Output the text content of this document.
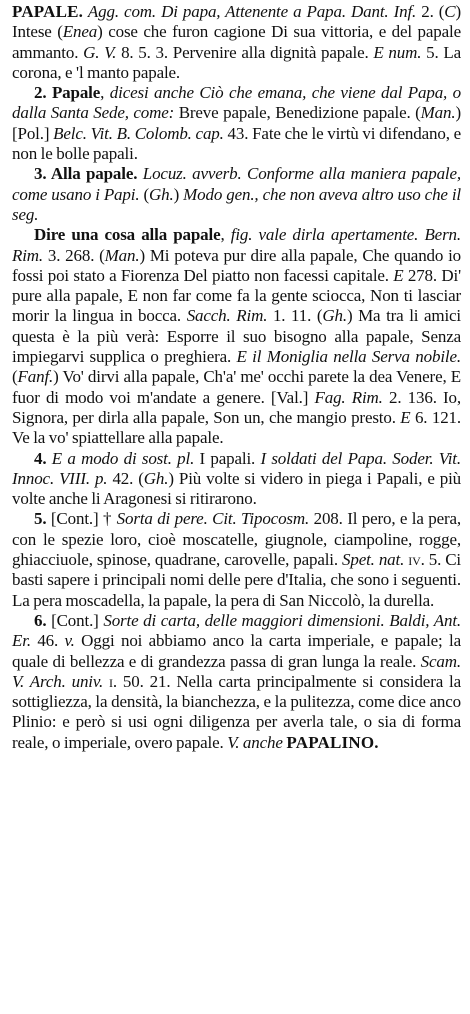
PAPALE. Agg. com. Di papa, Attenente a Papa. Dant. Inf. 2. (C) Intese (Enea) cose che furon cagione Di sua vittoria, e del papale ammanto. G. V. 8. 5. 3. Pervenire alla dignità papale. E num. 5. La corona, e 'l manto papale.

2. Papale, dicesi anche Ciò che emana, che viene dal Papa, o dalla Santa Sede, come: Breve papale, Benedizione papale. (Man.) [Pol.] Belc. Vit. B. Colomb. cap. 43. Fate che le virtù vi difendano, e non le bolle papali.

3. Alla papale. Locuz. avverb. Conforme alla maniera papale, come usano i Papi. (Gh.) Modo gen., che non aveva altro uso che il seg.

Dire una cosa alla papale, fig. vale dirla apertamente. Bern. Rim. 3. 268. (Man.) Mi poteva pur dire alla papale, Che quando io fossi poi stato a Fiorenza Del piatto non facessi capitale. E 278. Di' pure alla papale, E non far come fa la gente sciocca, Non ti lasciar morir la lingua in bocca. Sacch. Rim. 1. 11. (Gh.) Ma tra li amici questa è la più verà: Esporre il suo bisogno alla papale, Senza impiegarvi supplica o preghiera. E il Moniglia nella Serva nobile. (Fanf.) Vo' dirvi alla papale, Ch'a' me' occhi parete la dea Venere, E fuor di modo voi m'andate a genere. [Val.] Fag. Rim. 2. 136. Io, Signora, per dirla alla papale, Son un, che mangio presto. E 6. 121. Ve la vo' spiattellare alla papale.

4. E a modo di sost. pl. I papali. I soldati del Papa. Soder. Vit. Innoc. VIII. p. 42. (Gh.) Più volte si videro in piega i Papali, e più volte anche li Aragonesi si ritirarono.

5. [Cont.] † Sorta di pere. Cit. Tipocosm. 208. Il pero, e la pera, con le spezie loro, cioè moscatelle, giugnole, ciampoline, rogge, ghiacciuole, spinose, quadrane, carovelle, papali. Spet. nat. iv. 5. Ci basti sapere i principali nomi delle pere d'Italia, che sono i seguenti. La pera moscadella, la papale, la pera di San Niccolò, la durella.

6. [Cont.] Sorte di carta, delle maggiori dimensioni. Baldi, Ant. Er. 46. v. Oggi noi abbiamo anco la carta imperiale, e papale; la quale di bellezza e di grandezza passa di gran lunga la reale. Scam. V. Arch. univ. i. 50. 21. Nella carta principalmente si considera la sottigliezza, la densità, la bianchezza, e la pulitezza, come dice anco Plinio: e però si usi ogni diligenza per averla tale, o sia di forma reale, o imperiale, overo papale. V. anche PAPALINO.
